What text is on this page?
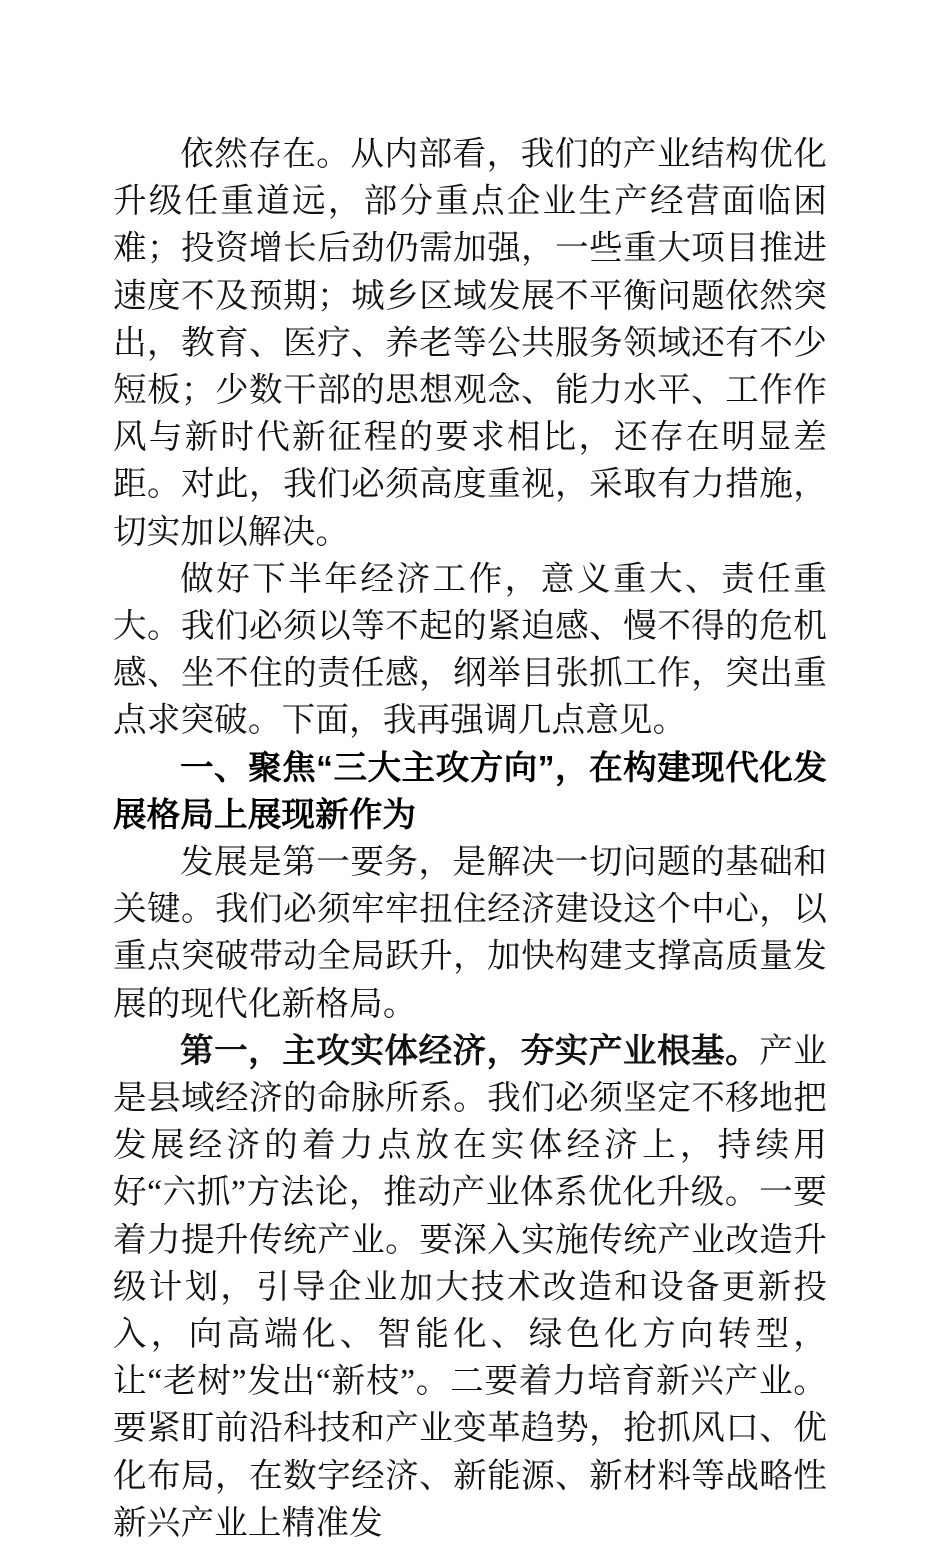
依然存在。从内部看，我们的产业结构优化升级任重道远，部分重点企业生产经营面临困难；投资增长后劲仍需加强，一些重大项目推进速度不及预期；城乡区域发展不平衡问题依然突出，教育、医疗、养老等公共服务领域还有不少短板；少数干部的思想观念、能力水平、工作作风与新时代新征程的要求相比，还存在明显差距。对此，我们必须高度重视，采取有力措施，切实加以解决。

做好下半年经济工作，意义重大、责任重大。我们必须以等不起的紧迫感、慢不得的危机感、坐不住的责任感，纲举目张抓工作，突出重点求突破。下面，我再强调几点意见。

一、聚焦“三大主攻方向”，在构建现代化发展格局上展现新作为

发展是第一要务，是解决一切问题的基础和关键。我们必须牢牢扭住经济建设这个中心，以重点突破带动全局跃升，加快构建支撑高质量发展的现代化新格局。

第一，主攻实体经济，夯实产业根基。产业是县域经济的命脉所系。我们必须坚定不移地把发展经济的着力点放在实体经济上，持续用好“六抓”方法论，推动产业体系优化升级。一要着力提升传统产业。要深入实施传统产业改造升级计划，引导企业加大技术改造和设备更新投入，向高端化、智能化、绿色化方向转型，让“老树”发出“新枝”。二要着力培育新兴产业。要紧盯前沿科技和产业变革趋势，抢抓风口、优化布局，在数字经济、新能源、新材料等战略性新兴产业上精准发
